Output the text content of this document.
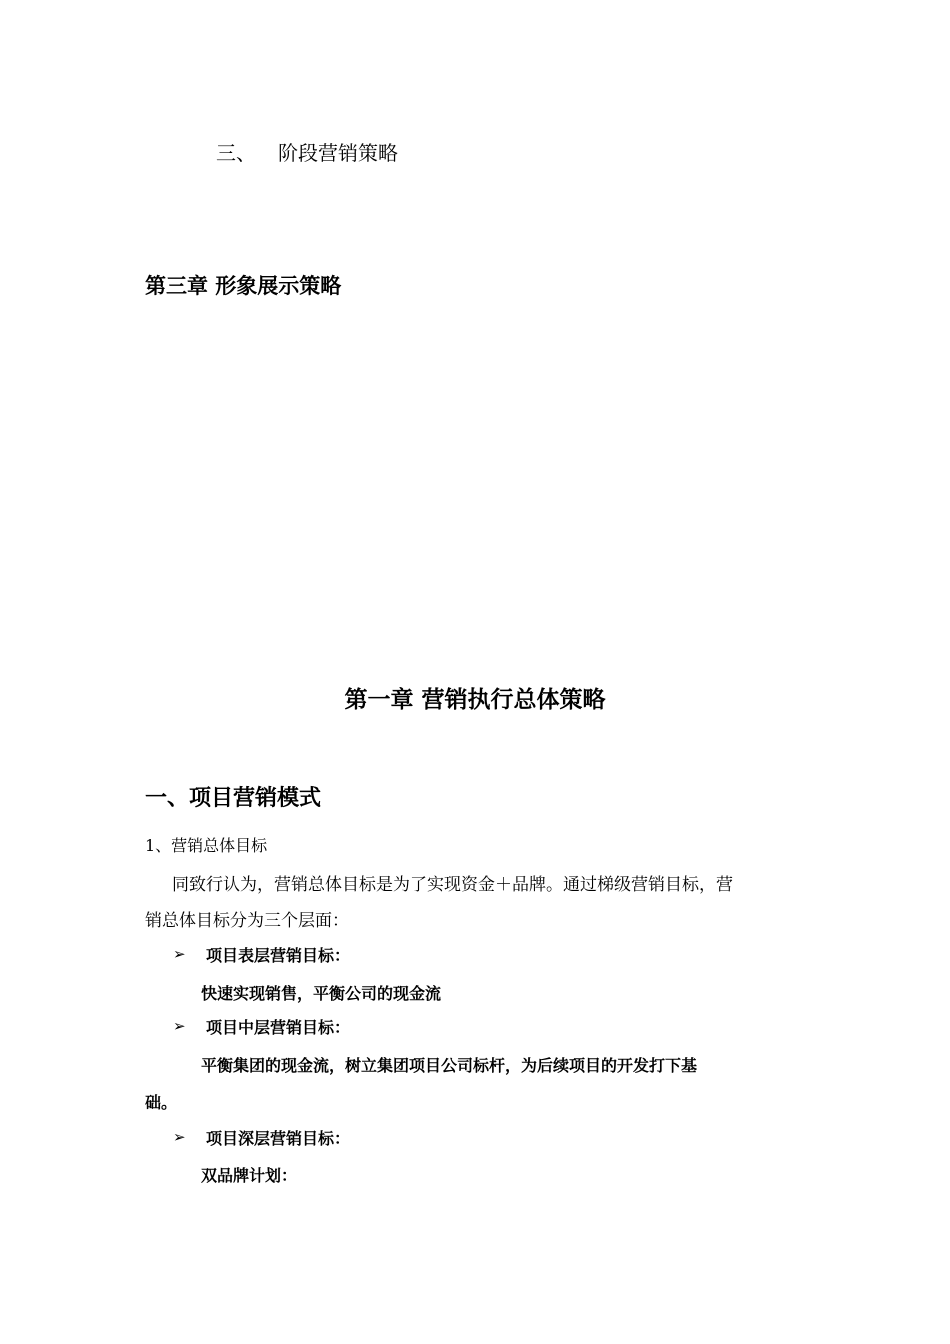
三、 阶段营销策略
第三章 形象展示策略
第一章 营销执行总体策略
一、项目营销模式
1、营销总体目标
同致行认为，营销总体目标是为了实现资金＋品牌。通过梯级营销目标，营
销总体目标分为三个层面：
➢ 项目表层营销目标：
快速实现销售，平衡公司的现金流
➢ 项目中层营销目标：
平衡集团的现金流，树立集团项目公司标杆，为后续项目的开发打下基
础。
➢ 项目深层营销目标：
双品牌计划：
